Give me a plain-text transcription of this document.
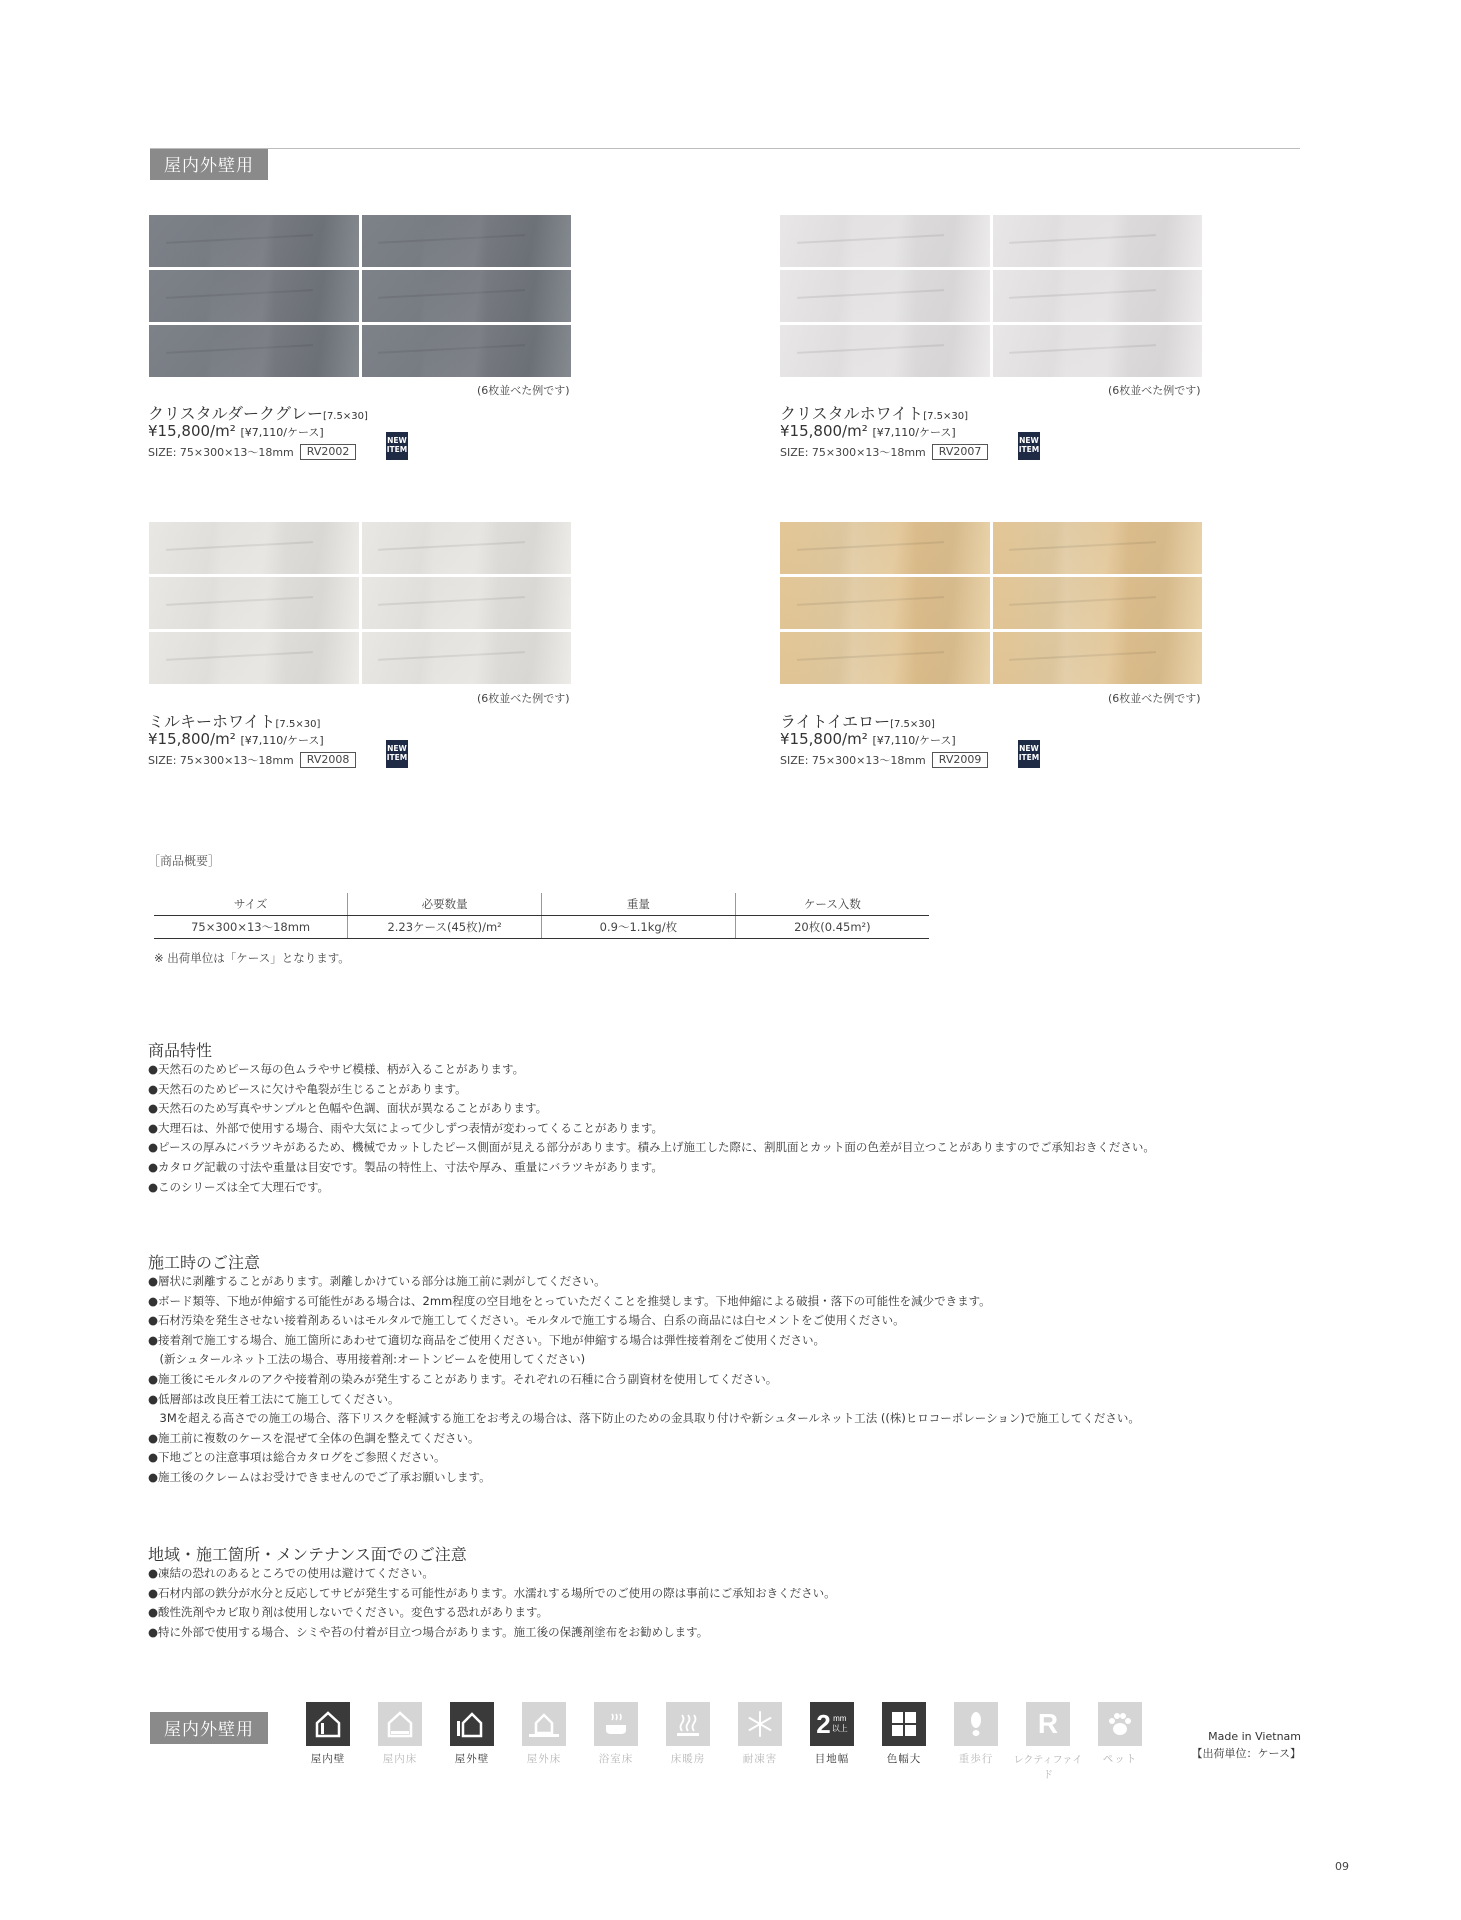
屋内外壁用
(6枚並べた例です)
クリスタルダークグレー[7.5×30]
¥15,800/m² [¥7,110/ケース]
SIZE: 75×300×13〜18mm	RV2002
NEW
ITEM
(6枚並べた例です)
クリスタルホワイト[7.5×30]
¥15,800/m² [¥7,110/ケース]
SIZE: 75×300×13〜18mm	RV2007
NEW
ITEM
(6枚並べた例です)
ミルキーホワイト[7.5×30]
¥15,800/m² [¥7,110/ケース]
SIZE: 75×300×13〜18mm	RV2008
NEW
ITEM
(6枚並べた例です)
ライトイエロー[7.5×30]
¥15,800/m² [¥7,110/ケース]
SIZE: 75×300×13〜18mm	RV2009
NEW
ITEM
［商品概要］
サイズ	必要数量	重量	ケース入数
75×300×13〜18mm	2.23ケース(45枚)/m²	0.9〜1.1kg/枚	20枚(0.45m²)
※ 出荷単位は「ケース」となります。
商品特性
●天然石のためピース毎の色ムラやサビ模様、柄が入ることがあります。
●天然石のためピースに欠けや亀裂が生じることがあります。
●天然石のため写真やサンプルと色幅や色調、面状が異なることがあります。
●大理石は、外部で使用する場合、雨や大気によって少しずつ表情が変わってくることがあります。
●ピースの厚みにバラツキがあるため、機械でカットしたピース側面が見える部分があります。積み上げ施工した際に、割肌面とカット面の色差が目立つことがありますのでご承知おきください。
●カタログ記載の寸法や重量は目安です。製品の特性上、寸法や厚み、重量にバラツキがあります。
●このシリーズは全て大理石です。
施工時のご注意
●層状に剥離することがあります。剥離しかけている部分は施工前に剥がしてください。
●ボード類等、下地が伸縮する可能性がある場合は、2mm程度の空目地をとっていただくことを推奨します。下地伸縮による破損・落下の可能性を減少できます。
●石材汚染を発生させない接着剤あるいはモルタルで施工してください。モルタルで施工する場合、白系の商品には白セメントをご使用ください。
●接着剤で施工する場合、施工箇所にあわせて適切な商品をご使用ください。下地が伸縮する場合は弾性接着剤をご使用ください。
　(新シュタールネット工法の場合、専用接着剤:オートンビームを使用してください)
●施工後にモルタルのアクや接着剤の染みが発生することがあります。それぞれの石種に合う副資材を使用してください。
●低層部は改良圧着工法にて施工してください。
　3Mを超える高さでの施工の場合、落下リスクを軽減する施工をお考えの場合は、落下防止のための金具取り付けや新シュタールネット工法 ((株)ヒロコーポレーション)で施工してください。
●施工前に複数のケースを混ぜて全体の色調を整えてください。
●下地ごとの注意事項は総合カタログをご参照ください。
●施工後のクレームはお受けできませんのでご了承お願いします。
地域・施工箇所・メンテナンス面でのご注意
●凍結の恐れのあるところでの使用は避けてください。
●石材内部の鉄分が水分と反応してサビが発生する可能性があります。水濡れする場所でのご使用の際は事前にご承知おきください。
●酸性洗剤やカビ取り剤は使用しないでください。変色する恐れがあります。
●特に外部で使用する場合、シミや苔の付着が目立つ場合があります。施工後の保護剤塗布をお勧めします。
屋内外壁用
屋内壁	屋内床	屋外壁	屋外床	浴室床	床暖房	耐凍害
2 mm
以上
目地幅	色幅大	重歩行
R
レクティファイド
ペット
Made in Vietnam
【出荷単位：ケース】
09
